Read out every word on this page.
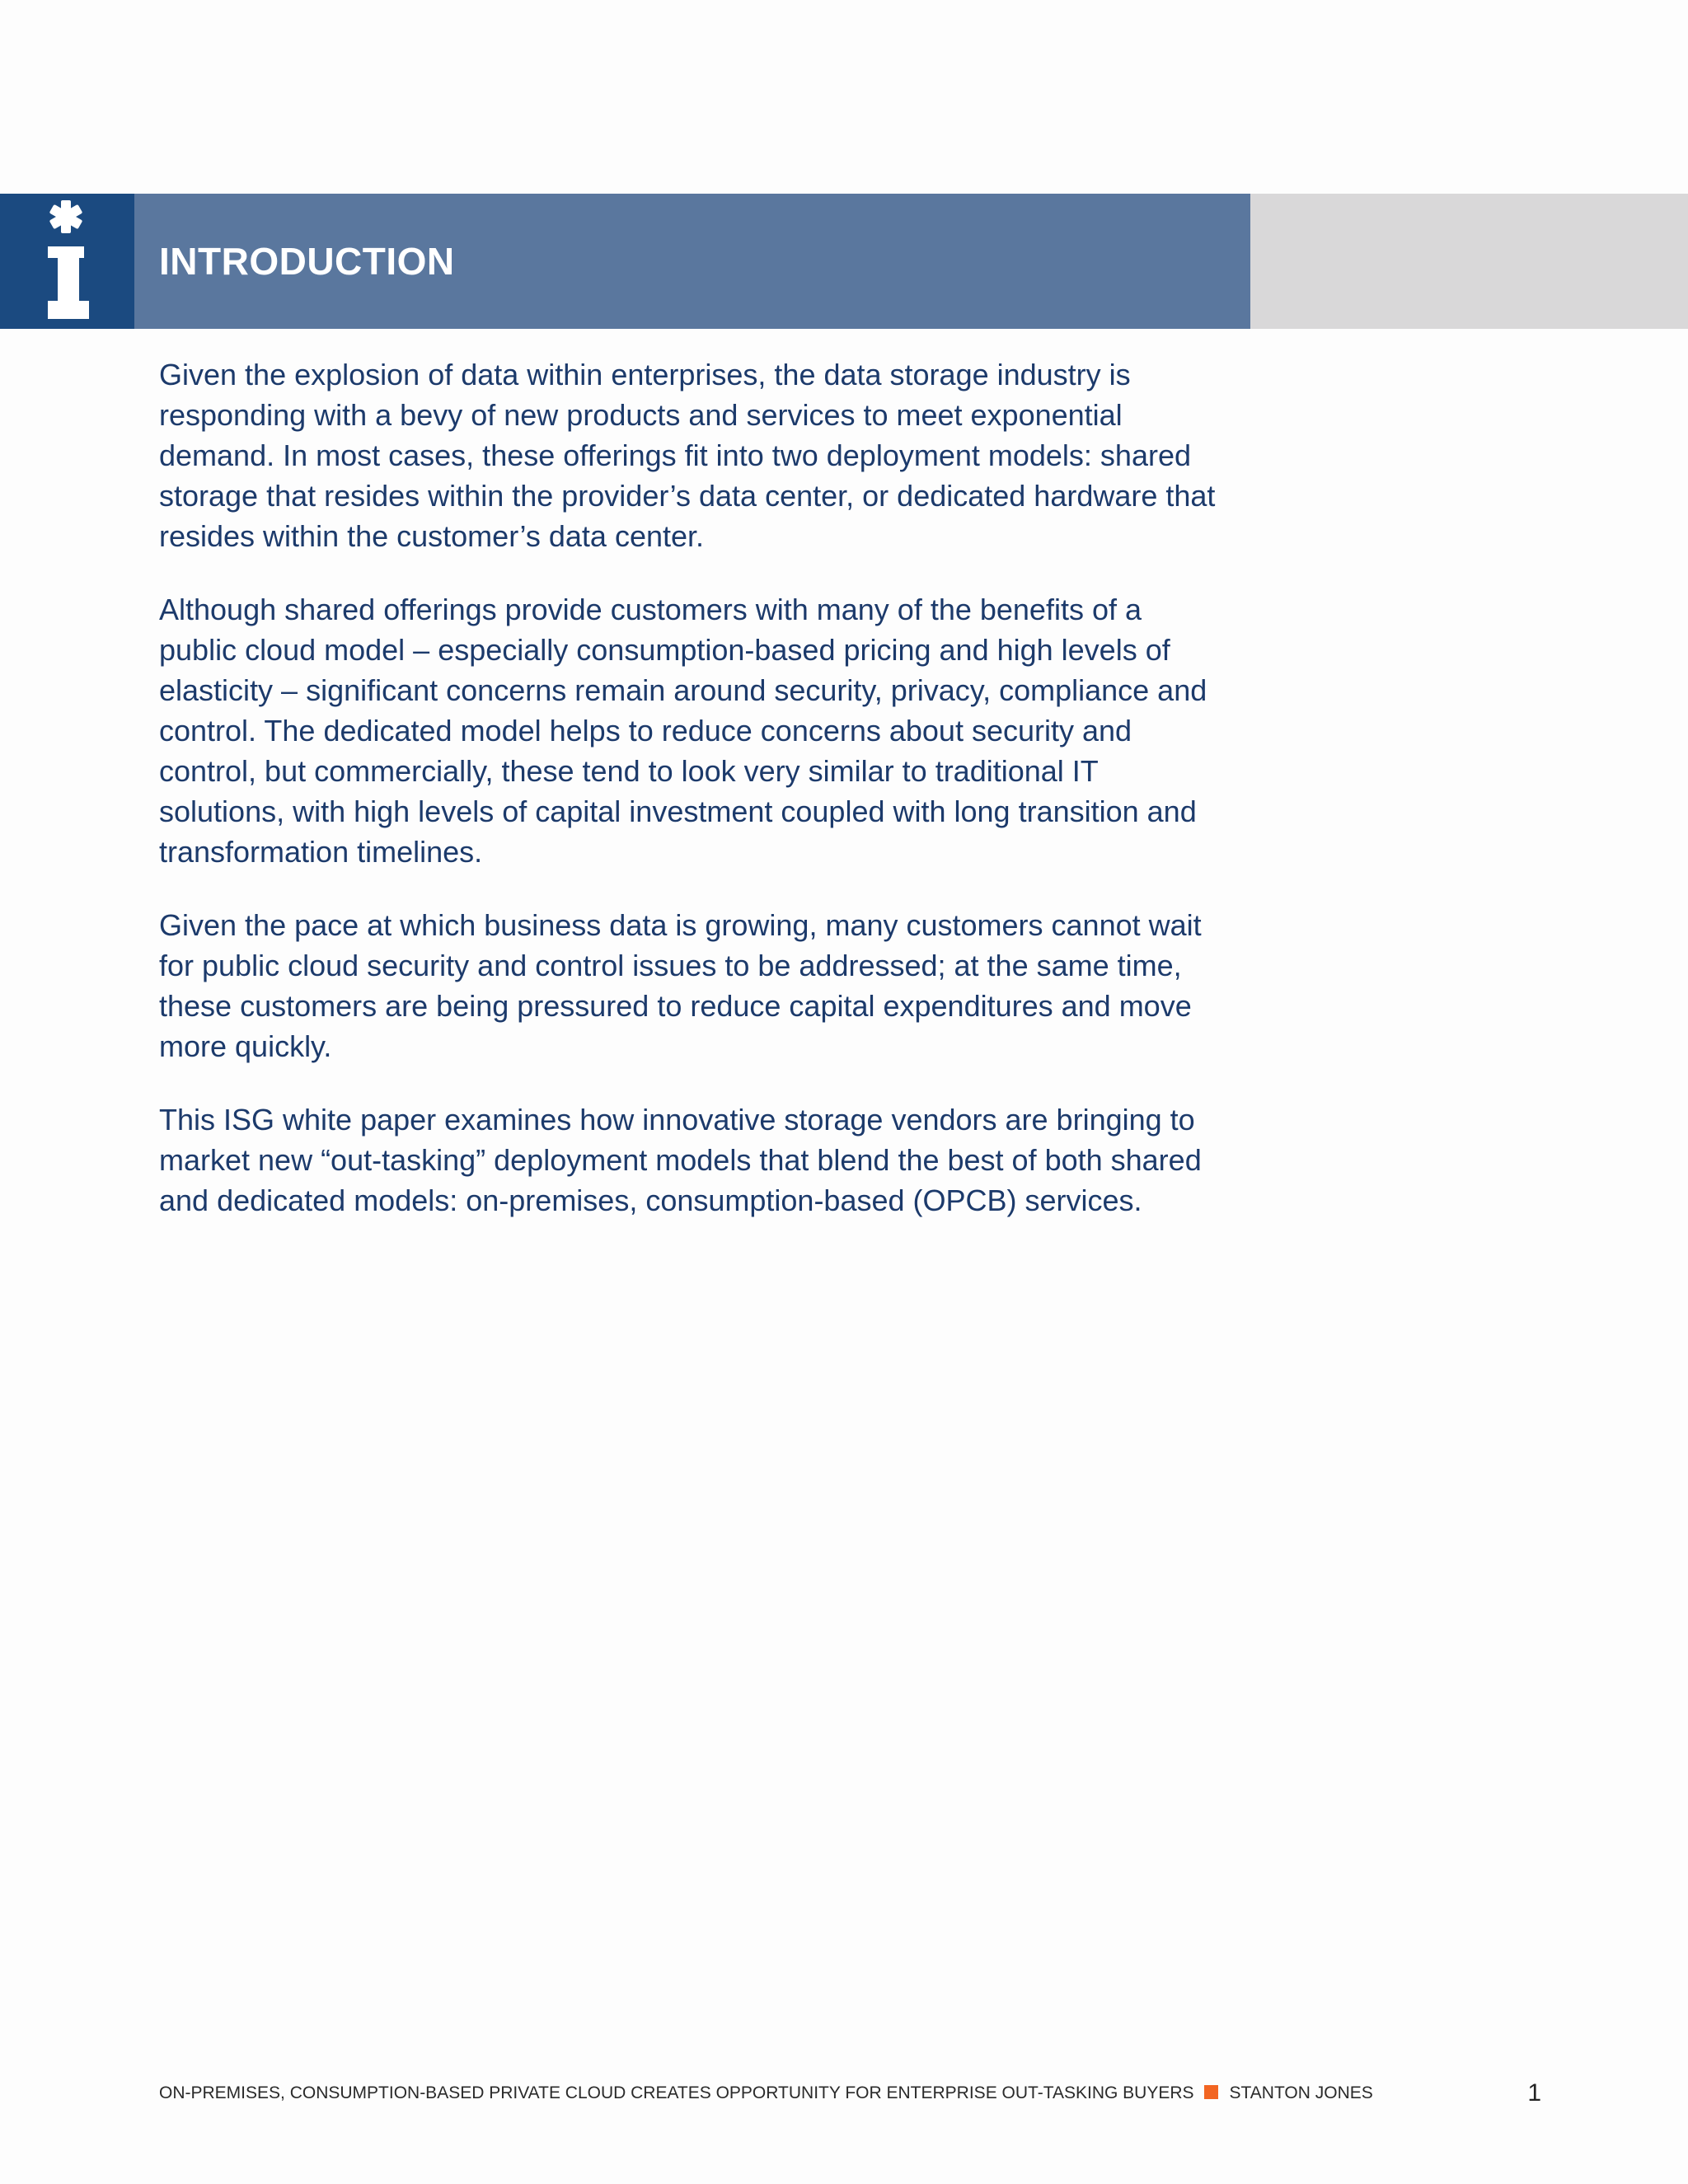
INTRODUCTION

Given the explosion of data within enterprises, the data storage industry is responding with a bevy of new products and services to meet exponential demand. In most cases, these offerings fit into two deployment models: shared storage that resides within the provider’s data center, or dedicated hardware that resides within the customer’s data center.

Although shared offerings provide customers with many of the benefits of a public cloud model – especially consumption-based pricing and high levels of elasticity – significant concerns remain around security, privacy, compliance and control. The dedicated model helps to reduce concerns about security and control, but commercially, these tend to look very similar to traditional IT solutions, with high levels of capital investment coupled with long transition and transformation timelines.

Given the pace at which business data is growing, many customers cannot wait for public cloud security and control issues to be addressed; at the same time, these customers are being pressured to reduce capital expenditures and move more quickly.

This ISG white paper examines how innovative storage vendors are bringing to market new “out-tasking” deployment models that blend the best of both shared and dedicated models: on-premises, consumption-based (OPCB) services.

ON-PREMISES, CONSUMPTION-BASED PRIVATE CLOUD CREATES OPPORTUNITY FOR ENTERPRISE OUT-TASKING BUYERS STANTON JONES	1
